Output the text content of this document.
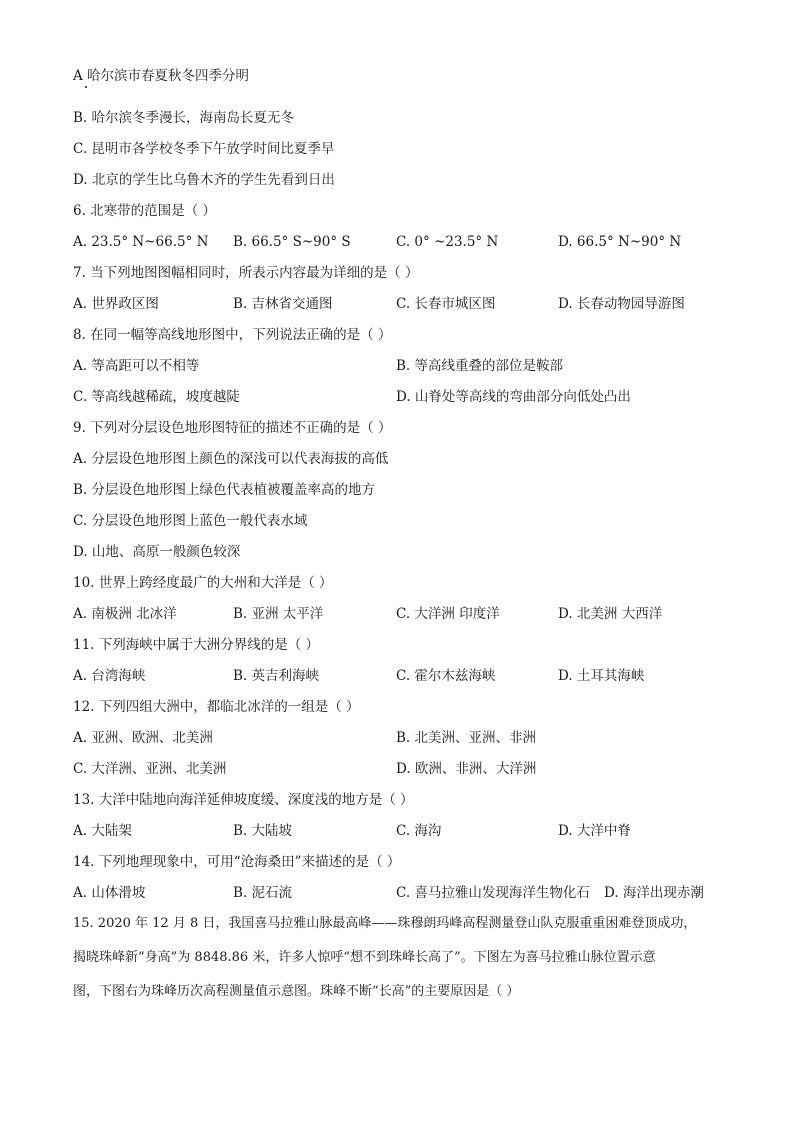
A 哈尔滨市春夏秋冬四季分明
B. 哈尔滨冬季漫长，海南岛长夏无冬
C. 昆明市各学校冬季下午放学时间比夏季早
D. 北京的学生比乌鲁木齐的学生先看到日出
6. 北寒带的范围是（ ）
A. 23.5° N~66.5° N B. 66.5° S~90° S	C. 0° ~23.5° N	D. 66.5° N~90° N
7. 当下列地图图幅相同时，所表示内容最为详细的是（ ）
A. 世界政区图	B. 吉林省交通图	C. 长春市城区图	D. 长春动物园导游图
8. 在同一幅等高线地形图中，下列说法正确的是（ ）
A. 等高距可以不相等	B. 等高线重叠的部位是鞍部
C. 等高线越稀疏，坡度越陡	D. 山脊处等高线的弯曲部分向低处凸出
9. 下列对分层设色地形图特征的描述不正确的是（ ）
A. 分层设色地形图上颜色的深浅可以代表海拔的高低
B. 分层设色地形图上绿色代表植被覆盖率高的地方
C. 分层设色地形图上蓝色一般代表水域
D. 山地、高原一般颜色较深
10. 世界上跨经度最广的大州和大洋是（ ）
A. 南极洲 北冰洋	B. 亚洲 太平洋	C. 大洋洲 印度洋	D. 北美洲 大西洋
11. 下列海峡中属于大洲分界线的是（ ）
A. 台湾海峡	B. 英吉利海峡	C. 霍尔木兹海峡	D. 土耳其海峡
12. 下列四组大洲中，都临北冰洋的一组是（ ）
A. 亚洲、欧洲、北美洲	B. 北美洲、亚洲、非洲
C. 大洋洲、亚洲、北美洲	D. 欧洲、非洲、大洋洲
13. 大洋中陆地向海洋延伸坡度缓、深度浅的地方是（ ）
A. 大陆架	B. 大陆坡	C. 海沟	D. 大洋中脊
14. 下列地理现象中，可用“沧海桑田”来描述的是（ ）
A. 山体滑坡	B. 泥石流	C. 喜马拉雅山发现海洋生物化石 D. 海洋出现赤潮
15. 2020 年 12 月 8 日，我国喜马拉雅山脉最高峰——珠穆朗玛峰高程测量登山队克服重重困难登顶成功，
揭晓珠峰新“身高”为 8848.86 米，许多人惊呼“想不到珠峰长高了”。下图左为喜马拉雅山脉位置示意
图，下图右为珠峰历次高程测量值示意图。珠峰不断“长高”的主要原因是（ ）
